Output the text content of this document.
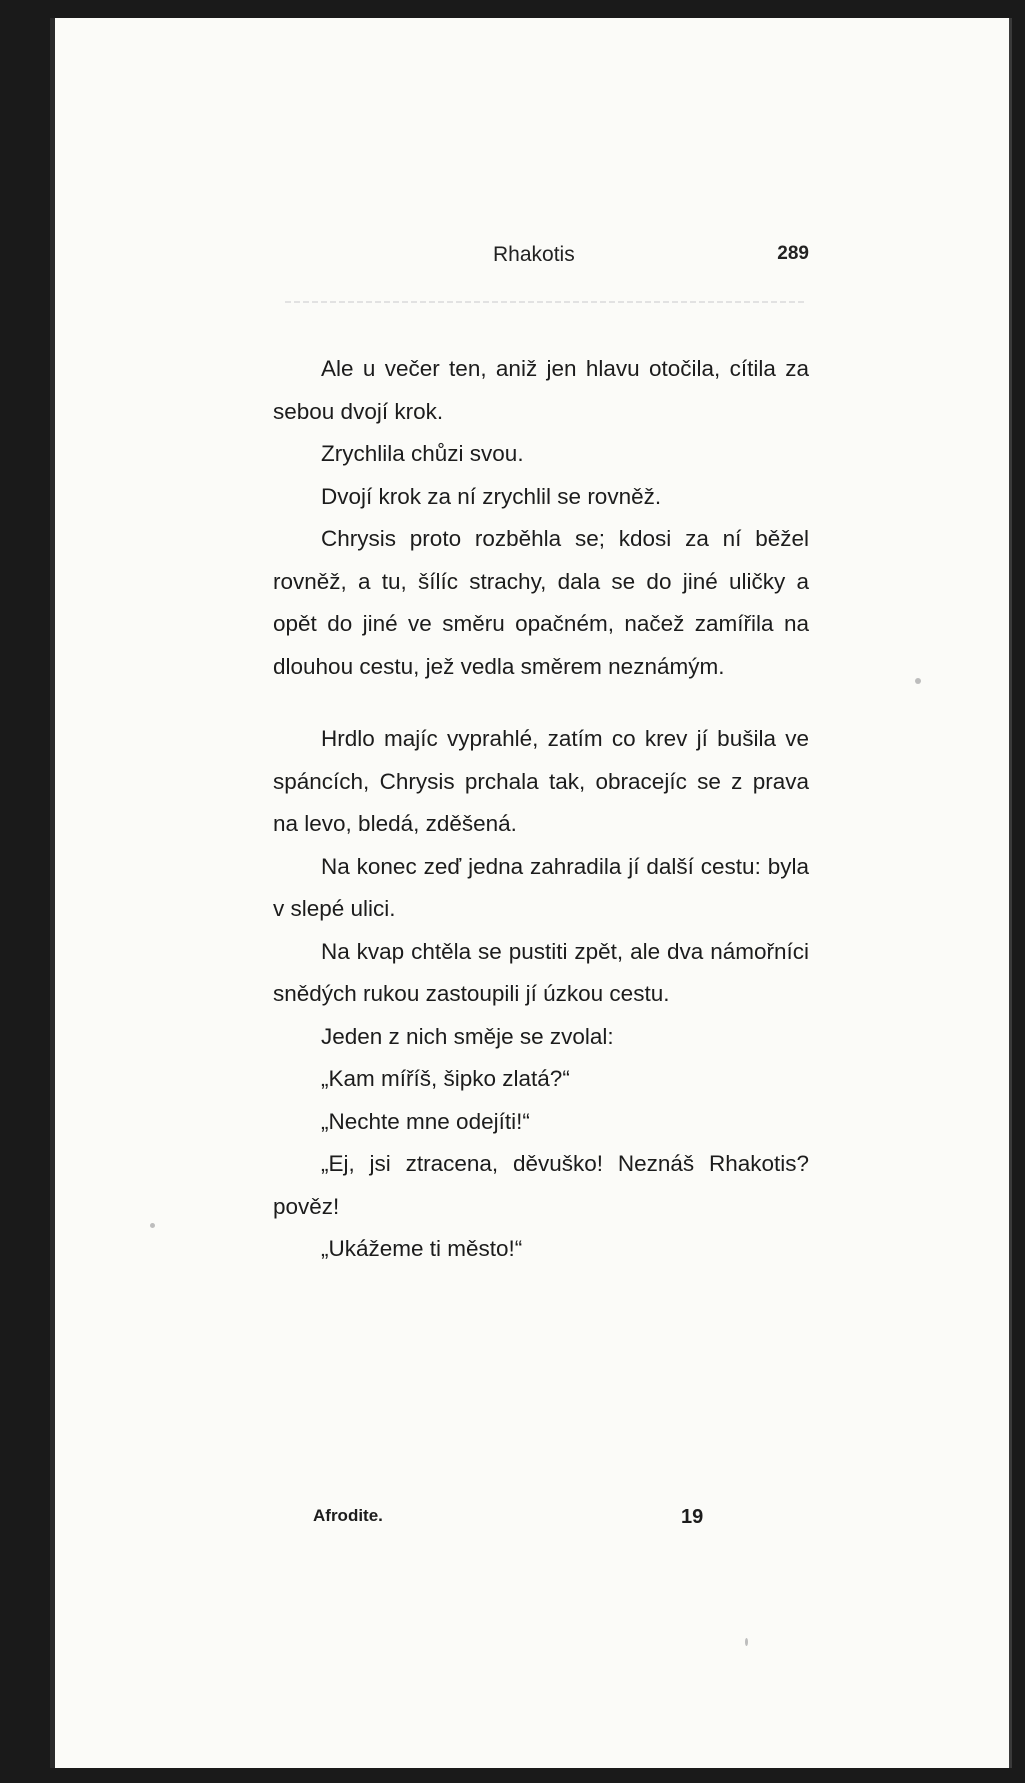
Rhakotis	289

Ale u večer ten, aniž jen hlavu otočila, cítila za sebou dvojí krok.

Zrychlila chůzi svou.

Dvojí krok za ní zrychlil se rovněž.

Chrysis proto rozběhla se; kdosi za ní běžel rovněž, a tu, šílíc strachy, dala se do jiné uličky a opět do jiné ve směru opačném, načež zamířila na dlouhou cestu, jež vedla směrem neznámým.

Hrdlo majíc vyprahlé, zatím co krev jí bušila ve spáncích, Chrysis prchala tak, obracejíc se z prava na levo, bledá, zděšená.

Na konec zeď jedna zahradila jí další cestu: byla v slepé ulici.

Na kvap chtěla se pustiti zpět, ale dva námořníci snědých rukou zastoupili jí úzkou cestu.

Jeden z nich směje se zvolal:

„Kam míříš, šipko zlatá?“

„Nechte mne odejíti!“

„Ej, jsi ztracena, děvuško! Neznáš Rhakotis? pověz!

„Ukážeme ti město!“

Afrodite.	19
